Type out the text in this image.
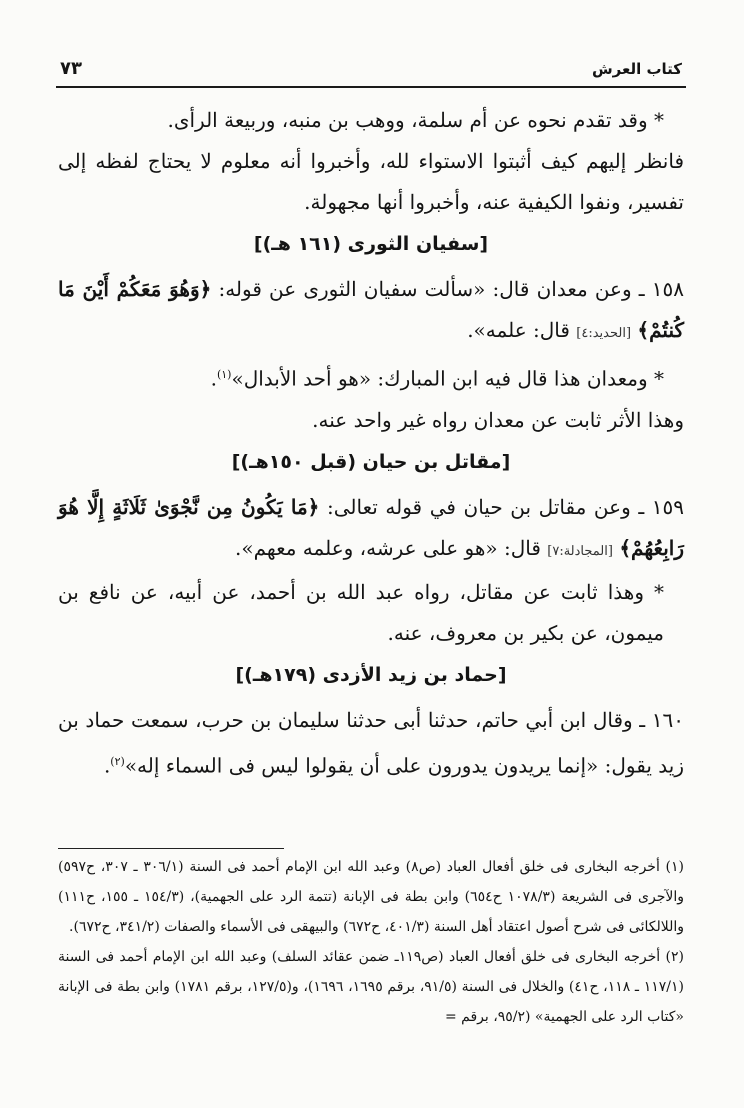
كتاب العرش
٧٣

* وقد تقدم نحوه عن أم سلمة، ووهب بن منبه، وربيعة الرأى.

فانظر إليهم كيف أثبتوا الاستواء لله، وأخبروا أنه معلوم لا يحتاج لفظه إلى تفسير، ونفوا الكيفية عنه، وأخبروا أنها مجهولة.

[سفيان الثورى (١٦١ هـ)]

١٥٨ ـ وعن معدان قال: «سألت سفيان الثورى عن قوله: ﴿وَهُوَ مَعَكُمْ أَيْنَ مَا كُنتُمْ﴾ [الحديد:٤] قال: علمه».

* ومعدان هذا قال فيه ابن المبارك: «هو أحد الأبدال»$^{(١)}$.

وهذا الأثر ثابت عن معدان رواه غير واحد عنه.

[مقاتل بن حيان (قبل ١٥٠هـ)]

١٥٩ ـ وعن مقاتل بن حيان في قوله تعالى: ﴿مَا يَكُونُ مِن نَّجْوَىٰ ثَلَاثَةٍ إِلَّا هُوَ رَابِعُهُمْ﴾ [المجادلة:٧] قال: «هو على عرشه، وعلمه معهم».

* وهذا ثابت عن مقاتل، رواه عبد الله بن أحمد، عن أبيه، عن نافع بن ميمون، عن بكير بن معروف، عنه.

[حماد بن زيد الأزدى (١٧٩هـ)]

١٦٠ ـ وقال ابن أبي حاتم، حدثنا أبى حدثنا سليمان بن حرب، سمعت حماد بن زيد يقول: «إنما يريدون يدورون على أن يقولوا ليس فى السماء إله»$^{(٢)}$.

(١) أخرجه البخارى فى خلق أفعال العباد (ص٨) وعبد الله ابن الإمام أحمد فى السنة (٣٠٦/١ ـ ٣٠٧، ح٥٩٧) والآجرى فى الشريعة (١٠٧٨/٣ ح٦٥٤) وابن بطة فى الإبانة (تتمة الرد على الجهمية)، (١٥٤/٣ ـ ١٥٥، ح١١١) واللالكائى فى شرح أصول اعتقاد أهل السنة (٤٠١/٣، ح٦٧٢) والبيهقى فى الأسماء والصفات (٣٤١/٢، ح٦٧٢).

(٢) أخرجه البخارى فى خلق أفعال العباد (ص١١٩ـ ضمن عقائد السلف) وعبد الله ابن الإمام أحمد فى السنة (١١٧/١ ـ ١١٨، ح٤١) والخلال فى السنة (٩١/٥، برقم ١٦٩٥، ١٦٩٦)، و(١٢٧/٥، برقم ١٧٨١) وابن بطة فى الإبانة «كتاب الرد على الجهمية» (٩٥/٢، برقم =
